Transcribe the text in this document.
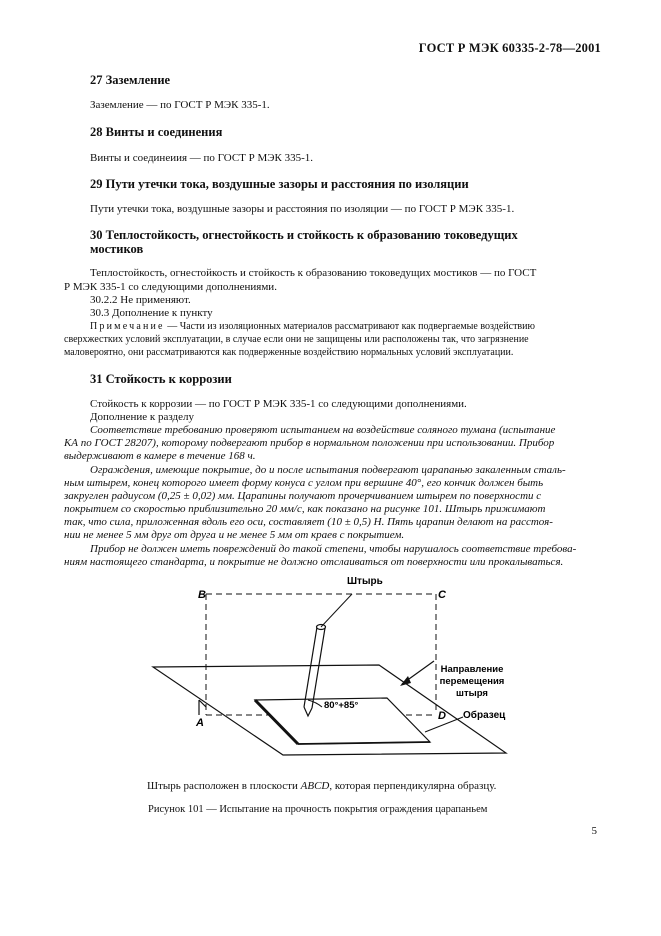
ГОСТ Р МЭК 60335-2-78—2001
27 Заземление
Заземление — по ГОСТ Р МЭК 335-1.
28 Винты и соединения
Винты и соединеиия — по ГОСТ Р МЭК 335-1.
29 Пути утечки тока, воздушные зазоры и расстояния по изоляции
Пути утечки тока, воздушные зазоры и расстояния по изоляции — по ГОСТ Р МЭК 335-1.
30 Теплостойкость, огнестойкость и стойкость к образованию токоведущих
мостиков
Теплостойкость, огнестойкость и стойкость к образованию токоведущих мостиков — по ГОСТ
Р МЭК 335-1 со следующими дополнениями.
30.2.2 Не применяют.
30.3 Дополнение к пункту
Примечание — Части из изоляционных материалов рассматривают как подвергаемые воздействию
сверхжестких условий эксплуатации, в случае если они не защищены или расположены так, что загрязнение
маловероятно, они рассматриваются как подверженные воздействию нормальных условий эксплуатации.
31 Стойкость к коррозии
Стойкость к коррозии — по ГОСТ Р МЭК 335-1 со следующими дополнениями.
Дополнение к разделу
Соответствие требованию проверяют испытанием на воздействие соляного тумана (испытание
КА по ГОСТ 28207), которому подвергают прибор в нормальном положении при использовании. Прибор
выдерживают в камере в течение 168 ч.
Ограждения, имеющие покрытие, до и после испытания подвергают царапанью закаленным сталь-
ным штырем, конец которого имеет форму конуса с углом при вершине 40°, его кончик должен быть
закруглен радиусом (0,25 ± 0,02) мм. Царапины получают прочерчиванием штырем по поверхности с
покрытием со скоростью приблизительно 20 мм/с, как показано на рисунке 101. Штырь прижимают
так, что сила, приложенная вдоль его оси, составляет (10 ± 0,5) Н. Пять царапин делают на расстоя-
нии не менее 5 мм друг от друга и не менее 5 мм от краев с покрытием.
Прибор не должен иметь повреждений до такой степени, чтобы нарушалось соответствие требова-
ниям настоящего стандарта, и покрытие не должно отслаиваться от поверхности или прокалываться.
B	C
A
D
Штырь
Направление
перемещения
штыря
Образец
80°+85°
Штырь расположен в плоскости ABCD, которая перпендикулярна образцу.
Рисунок 101 — Испытание на прочность покрытия ограждения царапаньем
5
